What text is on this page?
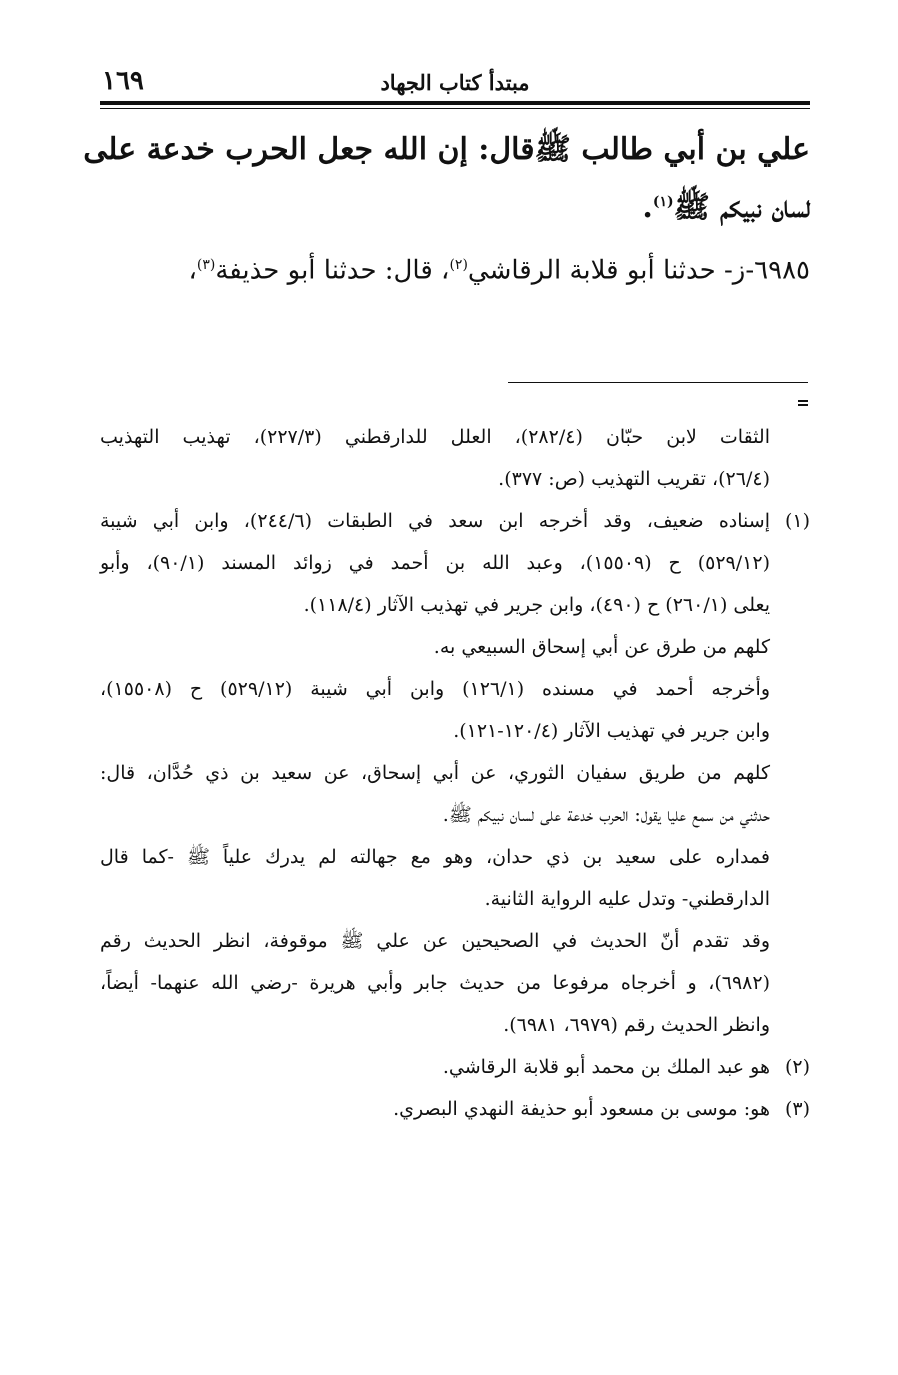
١٦٩	مبتدأ كتاب الجهاد
علي بن أبي طالب ﷺقال: إن الله جعل الحرب خدعة على
لسان نبيكم ﷺ$^{(١)}$.
٦٩٨٥-ز- حدثنا أبو قلابة الرقاشي$^{(٢)}$، قال: حدثنا أبو حذيفة$^{(٣)}$،
الثقات لابن حبّان (٢٨٢/٤)، العلل للدارقطني (٢٢٧/٣)، تهذيب التهذيب
(٢٦/٤)، تقريب التهذيب (ص: ٣٧٧).
(١)
إسناده ضعيف، وقد أخرجه ابن سعد في الطبقات (٢٤٤/٦)، وابن أبي شيبة
(٥٢٩/١٢) ح (١٥٥٠٩)، وعبد الله بن أحمد في زوائد المسند (٩٠/١)، وأبو
يعلى (٢٦٠/١) ح (٤٩٠)، وابن جرير في تهذيب الآثار (١١٨/٤).
كلهم من طرق عن أبي إسحاق السبيعي به.
وأخرجه أحمد في مسنده (١٢٦/١) وابن أبي شيبة (٥٢٩/١٢) ح (١٥٥٠٨)،
وابن جرير في تهذيب الآثار (١٢٠/٤-١٢١).
كلهم من طريق سفيان الثوري، عن أبي إسحاق، عن سعيد بن ذي حُدَّان، قال:
حدثني من سمع عليا يقول: الحرب خدعة على لسان نبيكم ﷺ.
فمداره على سعيد بن ذي حدان، وهو مع جهالته لم يدرك علياً ﷺ -كما قال
الدارقطني- وتدل عليه الرواية الثانية.
وقد تقدم أنّ الحديث في الصحيحين عن علي ﷺ موقوفة، انظر الحديث رقم
(٦٩٨٢)، و أخرجاه مرفوعا من حديث جابر وأبي هريرة -رضي الله عنهما- أيضاً،
وانظر الحديث رقم (٦٩٧٩، ٦٩٨١).
(٢)
هو عبد الملك بن محمد أبو قلابة الرقاشي.
(٣)
هو: موسى بن مسعود أبو حذيفة النهدي البصري.
